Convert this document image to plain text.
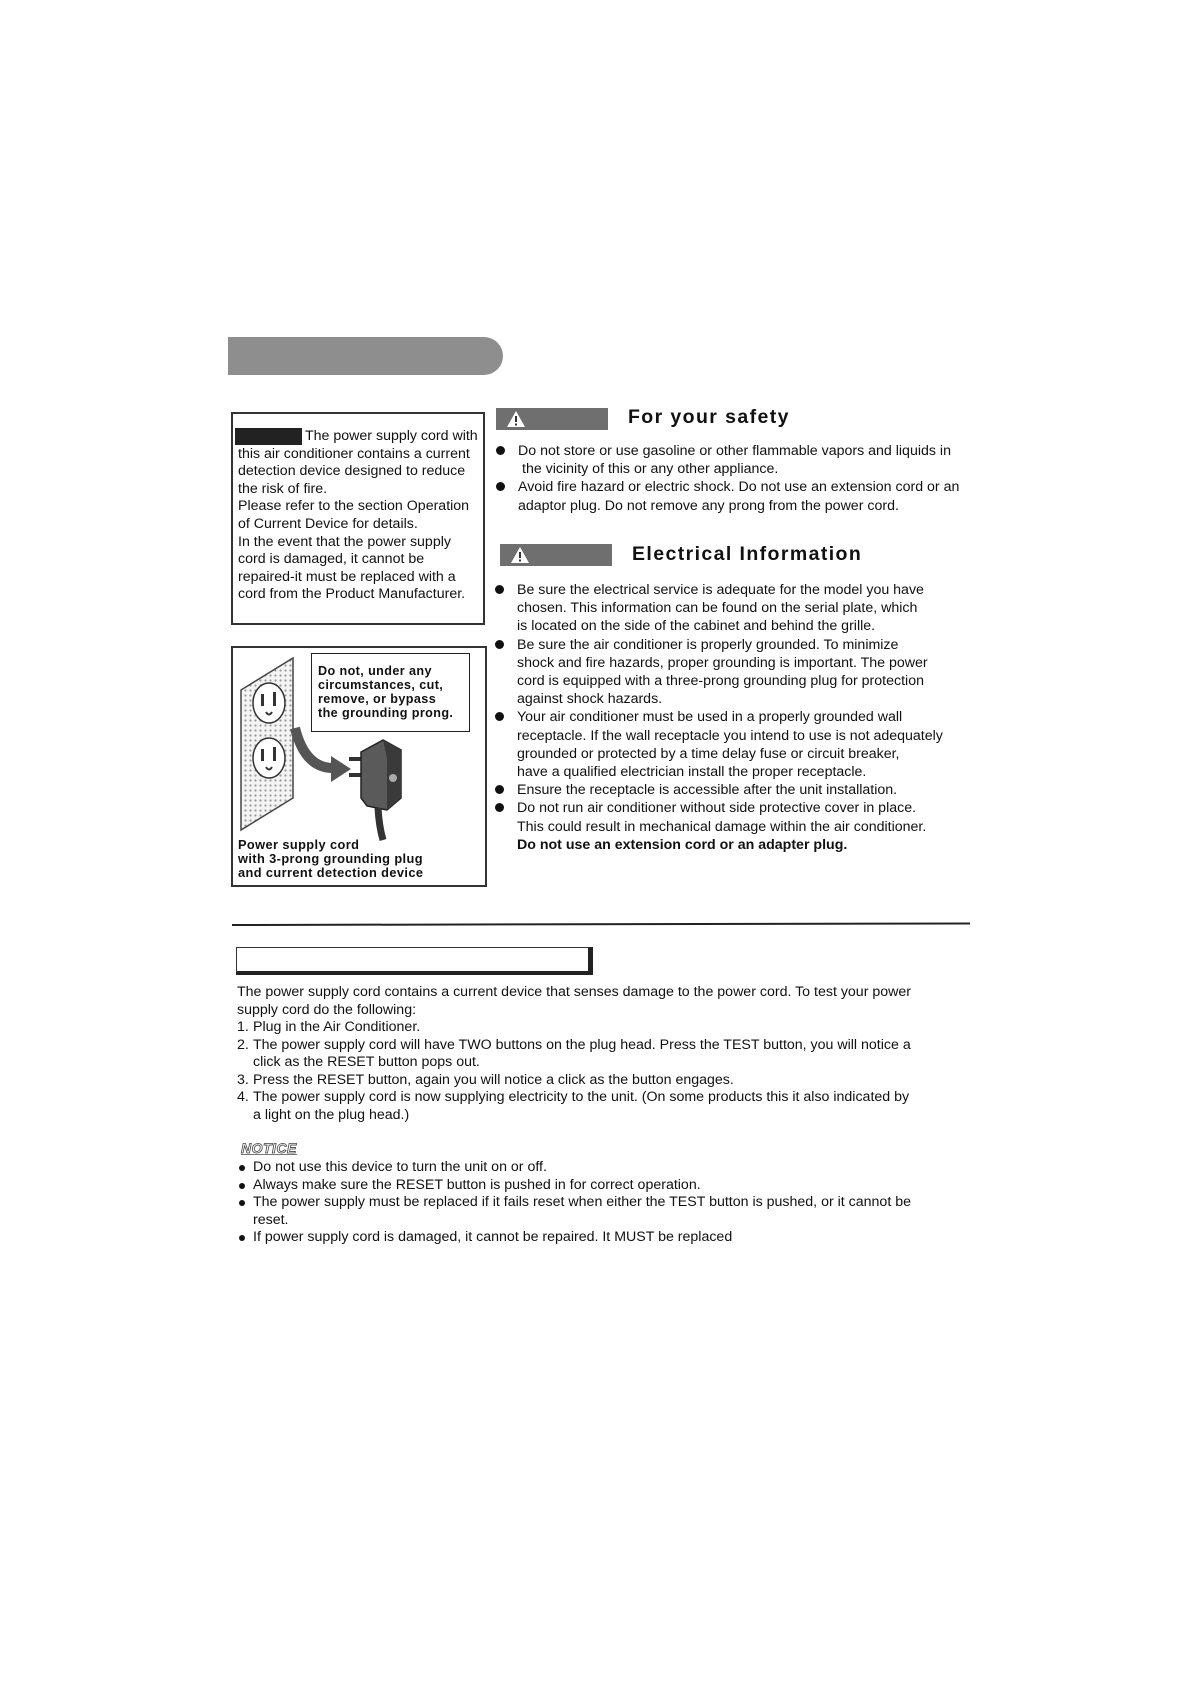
The power supply cord with
this air conditioner contains a current
detection device designed to reduce
the risk of fire.
Please refer to the section Operation
of Current Device for details.
In the event that the power supply
cord is damaged, it cannot be
repaired-it must be replaced with a
cord from the Product Manufacturer.

Do not, under any
circumstances, cut,
remove, or bypass
the grounding prong.

Power supply cord
with 3-prong grounding plug
and current detection device

For your safety

Do not store or use gasoline or other flammable vapors and liquids in
the vicinity of this or any other appliance.
Avoid fire hazard or electric shock. Do not use an extension cord or an
adaptor plug. Do not remove any prong from the power cord.

Electrical Information

Be sure the electrical service is adequate for the model you have
chosen. This information can be found on the serial plate, which
is located on the side of the cabinet and behind the grille.
Be sure the air conditioner is properly grounded. To minimize
shock and fire hazards, proper grounding is important. The power
cord is equipped with a three-prong grounding plug for protection
against shock hazards.
Your air conditioner must be used in a properly grounded wall
receptacle. If the wall receptacle you intend to use is not adequately
grounded or protected by a time delay fuse or circuit breaker,
have a qualified electrician install the proper receptacle.
Ensure the receptacle is accessible after the unit installation.
Do not run air conditioner without side protective cover in place.
This could result in mechanical damage within the air conditioner.
Do not use an extension cord or an adapter plug.

The power supply cord contains a current device that senses damage to the power cord. To test your power
supply cord do the following:

1. Plug in the Air Conditioner.
2. The power supply cord will have TWO buttons on the plug head. Press the TEST button, you will notice a
click as the RESET button pops out.
3. Press the RESET button, again you will notice a click as the button engages.
4. The power supply cord is now supplying electricity to the unit. (On some products this it also indicated by
a light on the plug head.)

NOTICE

Do not use this device to turn the unit on or off.
Always make sure the RESET button is pushed in for correct operation.
The power supply must be replaced if it fails reset when either the TEST button is pushed, or it cannot be
reset.
If power supply cord is damaged, it cannot be repaired. It MUST be replaced
